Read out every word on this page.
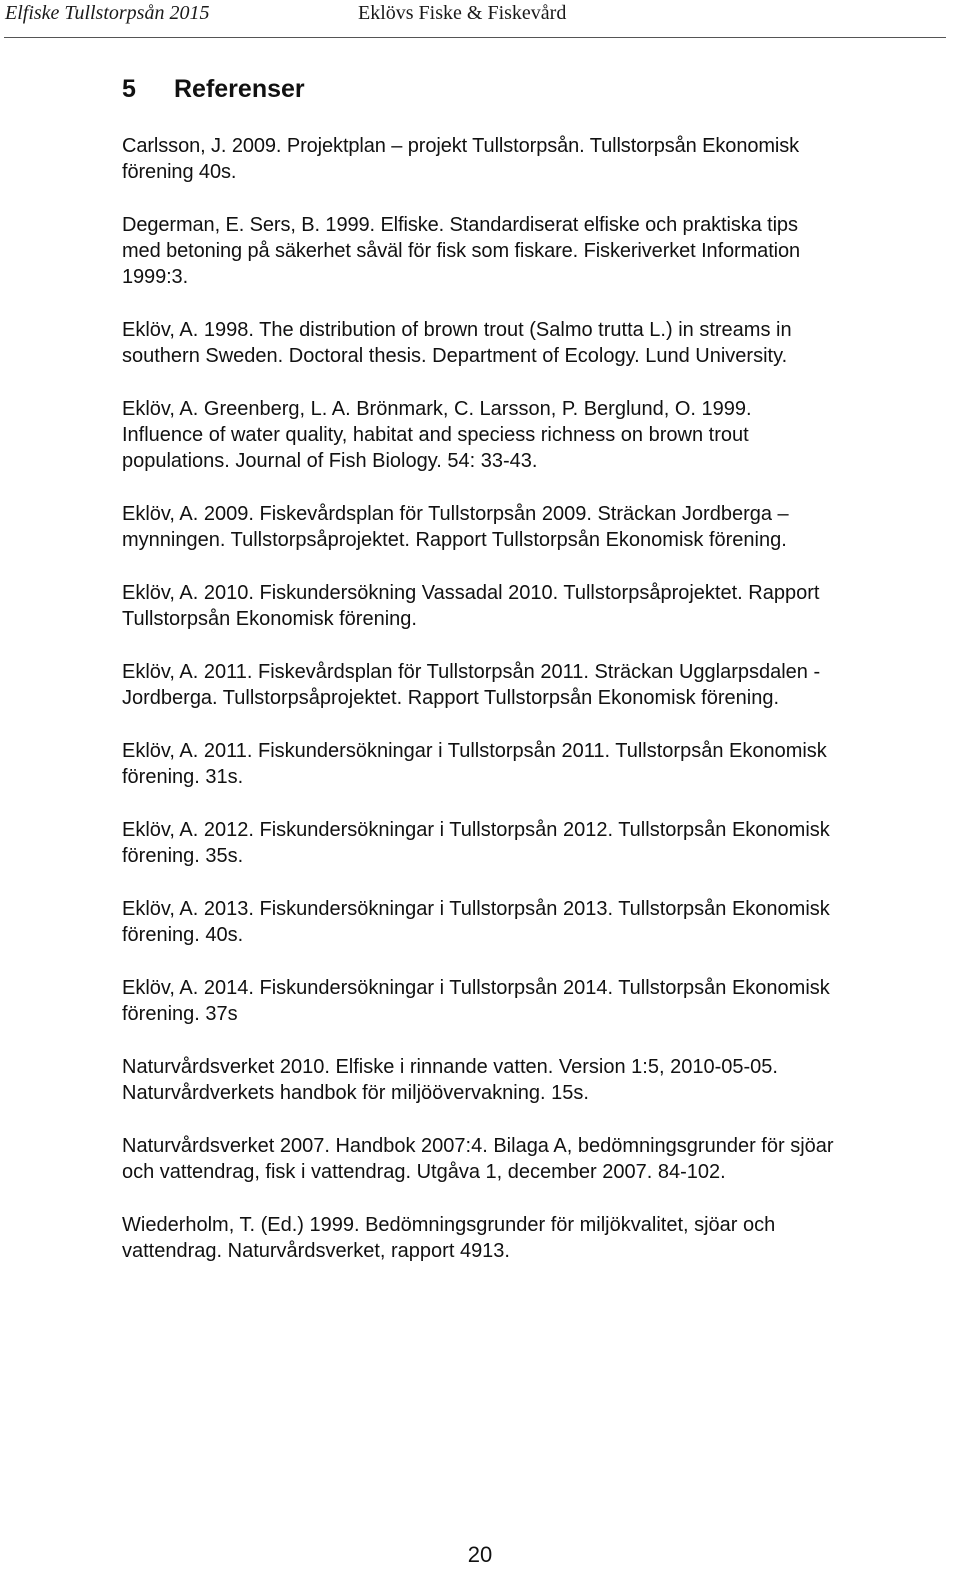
Elfiske Tullstorpsån 2015	Eklövs Fiske & Fiskevård
5 Referenser

Carlsson, J. 2009. Projektplan – projekt Tullstorpsån. Tullstorpsån Ekonomisk
förening 40s.

Degerman, E. Sers, B. 1999. Elfiske. Standardiserat elfiske och praktiska tips
med betoning på säkerhet såväl för fisk som fiskare. Fiskeriverket Information
1999:3.

Eklöv, A. 1998. The distribution of brown trout (Salmo trutta L.) in streams in
southern Sweden. Doctoral thesis. Department of Ecology. Lund University.

Eklöv, A. Greenberg, L. A. Brönmark, C. Larsson, P. Berglund, O. 1999.
Influence of water quality, habitat and speciess richness on brown trout
populations. Journal of Fish Biology. 54: 33-43.

Eklöv, A. 2009. Fiskevårdsplan för Tullstorpsån 2009. Sträckan Jordberga –
mynningen. Tullstorpsåprojektet. Rapport Tullstorpsån Ekonomisk förening.

Eklöv, A. 2010. Fiskundersökning Vassadal 2010. Tullstorpsåprojektet. Rapport
Tullstorpsån Ekonomisk förening.

Eklöv, A. 2011. Fiskevårdsplan för Tullstorpsån 2011. Sträckan Ugglarpsdalen -
Jordberga. Tullstorpsåprojektet. Rapport Tullstorpsån Ekonomisk förening.

Eklöv, A. 2011. Fiskundersökningar i Tullstorpsån 2011. Tullstorpsån Ekonomisk
förening. 31s.

Eklöv, A. 2012. Fiskundersökningar i Tullstorpsån 2012. Tullstorpsån Ekonomisk
förening. 35s.

Eklöv, A. 2013. Fiskundersökningar i Tullstorpsån 2013. Tullstorpsån Ekonomisk
förening. 40s.

Eklöv, A. 2014. Fiskundersökningar i Tullstorpsån 2014. Tullstorpsån Ekonomisk
förening. 37s

Naturvårdsverket 2010. Elfiske i rinnande vatten. Version 1:5, 2010-05-05.
Naturvårdverkets handbok för miljöövervakning. 15s.

Naturvårdsverket 2007. Handbok 2007:4. Bilaga A, bedömningsgrunder för sjöar
och vattendrag, fisk i vattendrag. Utgåva 1, december 2007. 84-102.

Wiederholm, T. (Ed.) 1999. Bedömningsgrunder för miljökvalitet, sjöar och
vattendrag. Naturvårdsverket, rapport 4913.

20
